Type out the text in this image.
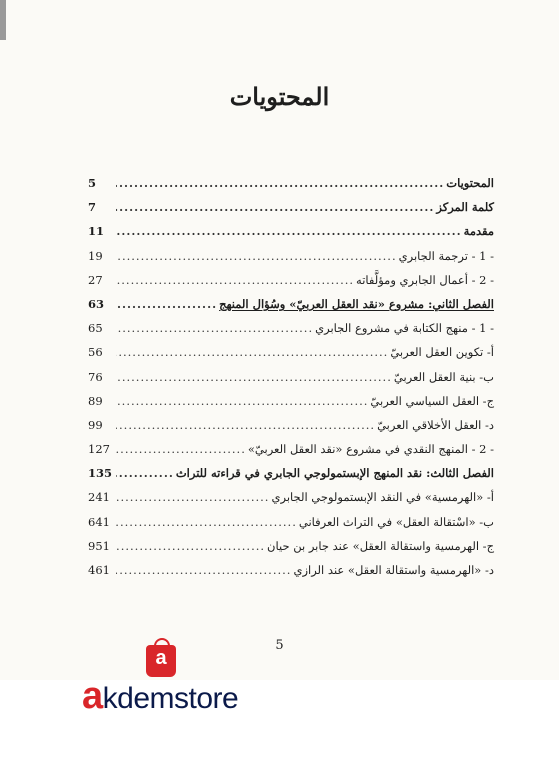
المحتويات
المحتويات
.....
5
كلمة المركز
.....
7
مقدمة
.....
11
- 1 - ترجمة الجابري
.....
19
- 2 - أعمال الجابري ومؤلَّفاته
.....
27
الفصل الثاني: مشروع «نقد العقل العربيّ» وسُؤال المنهج
.....
63
- 1 - منهج الكتابة في مشروع الجابري
.....
65
أ- تكوين العقل العربيّ
.....
56
ب- بنية العقل العربيّ
.....
76
ج- العقل السياسي العربيّ
.....
89
د- العقل الأخلاقي العربيّ
.....
99
- 2 - المنهج النقدي في مشروع «نقد العقل العربيّ»
.....
127
الفصل الثالث: نقد المنهج الإبستمولوجي الجابري في قراءته للتراث
.....
135
أ- «الهرمسية» في النقد الإبستمولوجي الجابري
.....
241
ب- «اسْتقالة العقل» في التراث العرفاني
.....
641
ج- الهرمسية واستقالة العقل» عند جابر بن حيان
.....
951
د- «الهرمسية واستقالة العقل» عند الرازي
.....
461
5
a
akdemstore
